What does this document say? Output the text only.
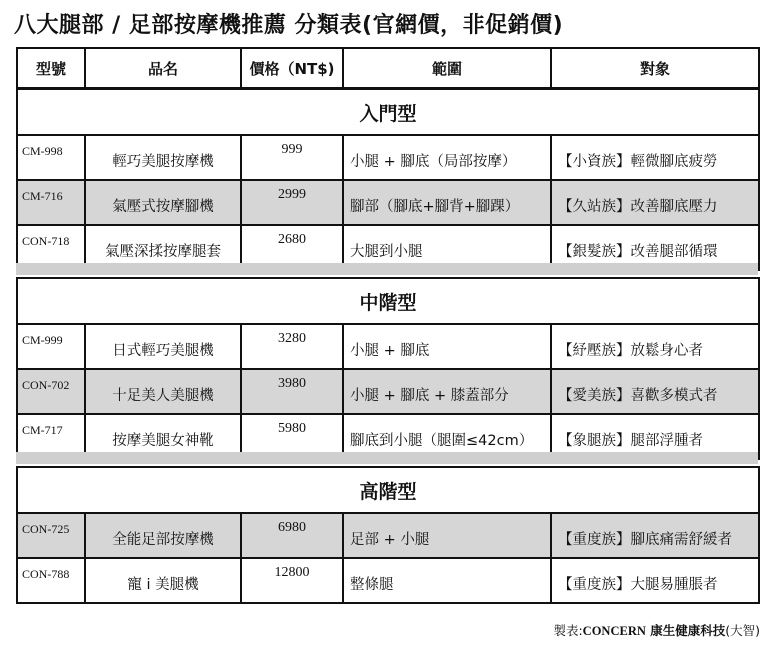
八大腿部 / 足部按摩機推薦 分類表(官網價，非促銷價)
型號	品名	價格（NT$)	範圍	對象
入門型				
CM-998	輕巧美腿按摩機	999	小腿 + 腳底（局部按摩）	【小資族】輕微腳底疲勞
CM-716	氣壓式按摩腳機	2999	腳部（腳底+腳背+腳踝）	【久站族】改善腳底壓力
CON-718	氣壓深揉按摩腿套	2680	大腿到小腿	【銀髮族】改善腿部循環
中階型				
CM-999	日式輕巧美腿機	3280	小腿 + 腳底	【紓壓族】放鬆身心者
CON-702	十足美人美腿機	3980	小腿 + 腳底 + 膝蓋部分	【愛美族】喜歡多模式者
CM-717	按摩美腿女神靴	5980	腳底到小腿（腿圍≤42cm）	【象腿族】腿部浮腫者
高階型				
CON-725	全能足部按摩機	6980	足部 + 小腿	【重度族】腳底痛需舒緩者
CON-788	寵 i 美腿機	12800	整條腿	【重度族】大腿易腫脹者
製表:CONCERN 康生健康科技(大智)
